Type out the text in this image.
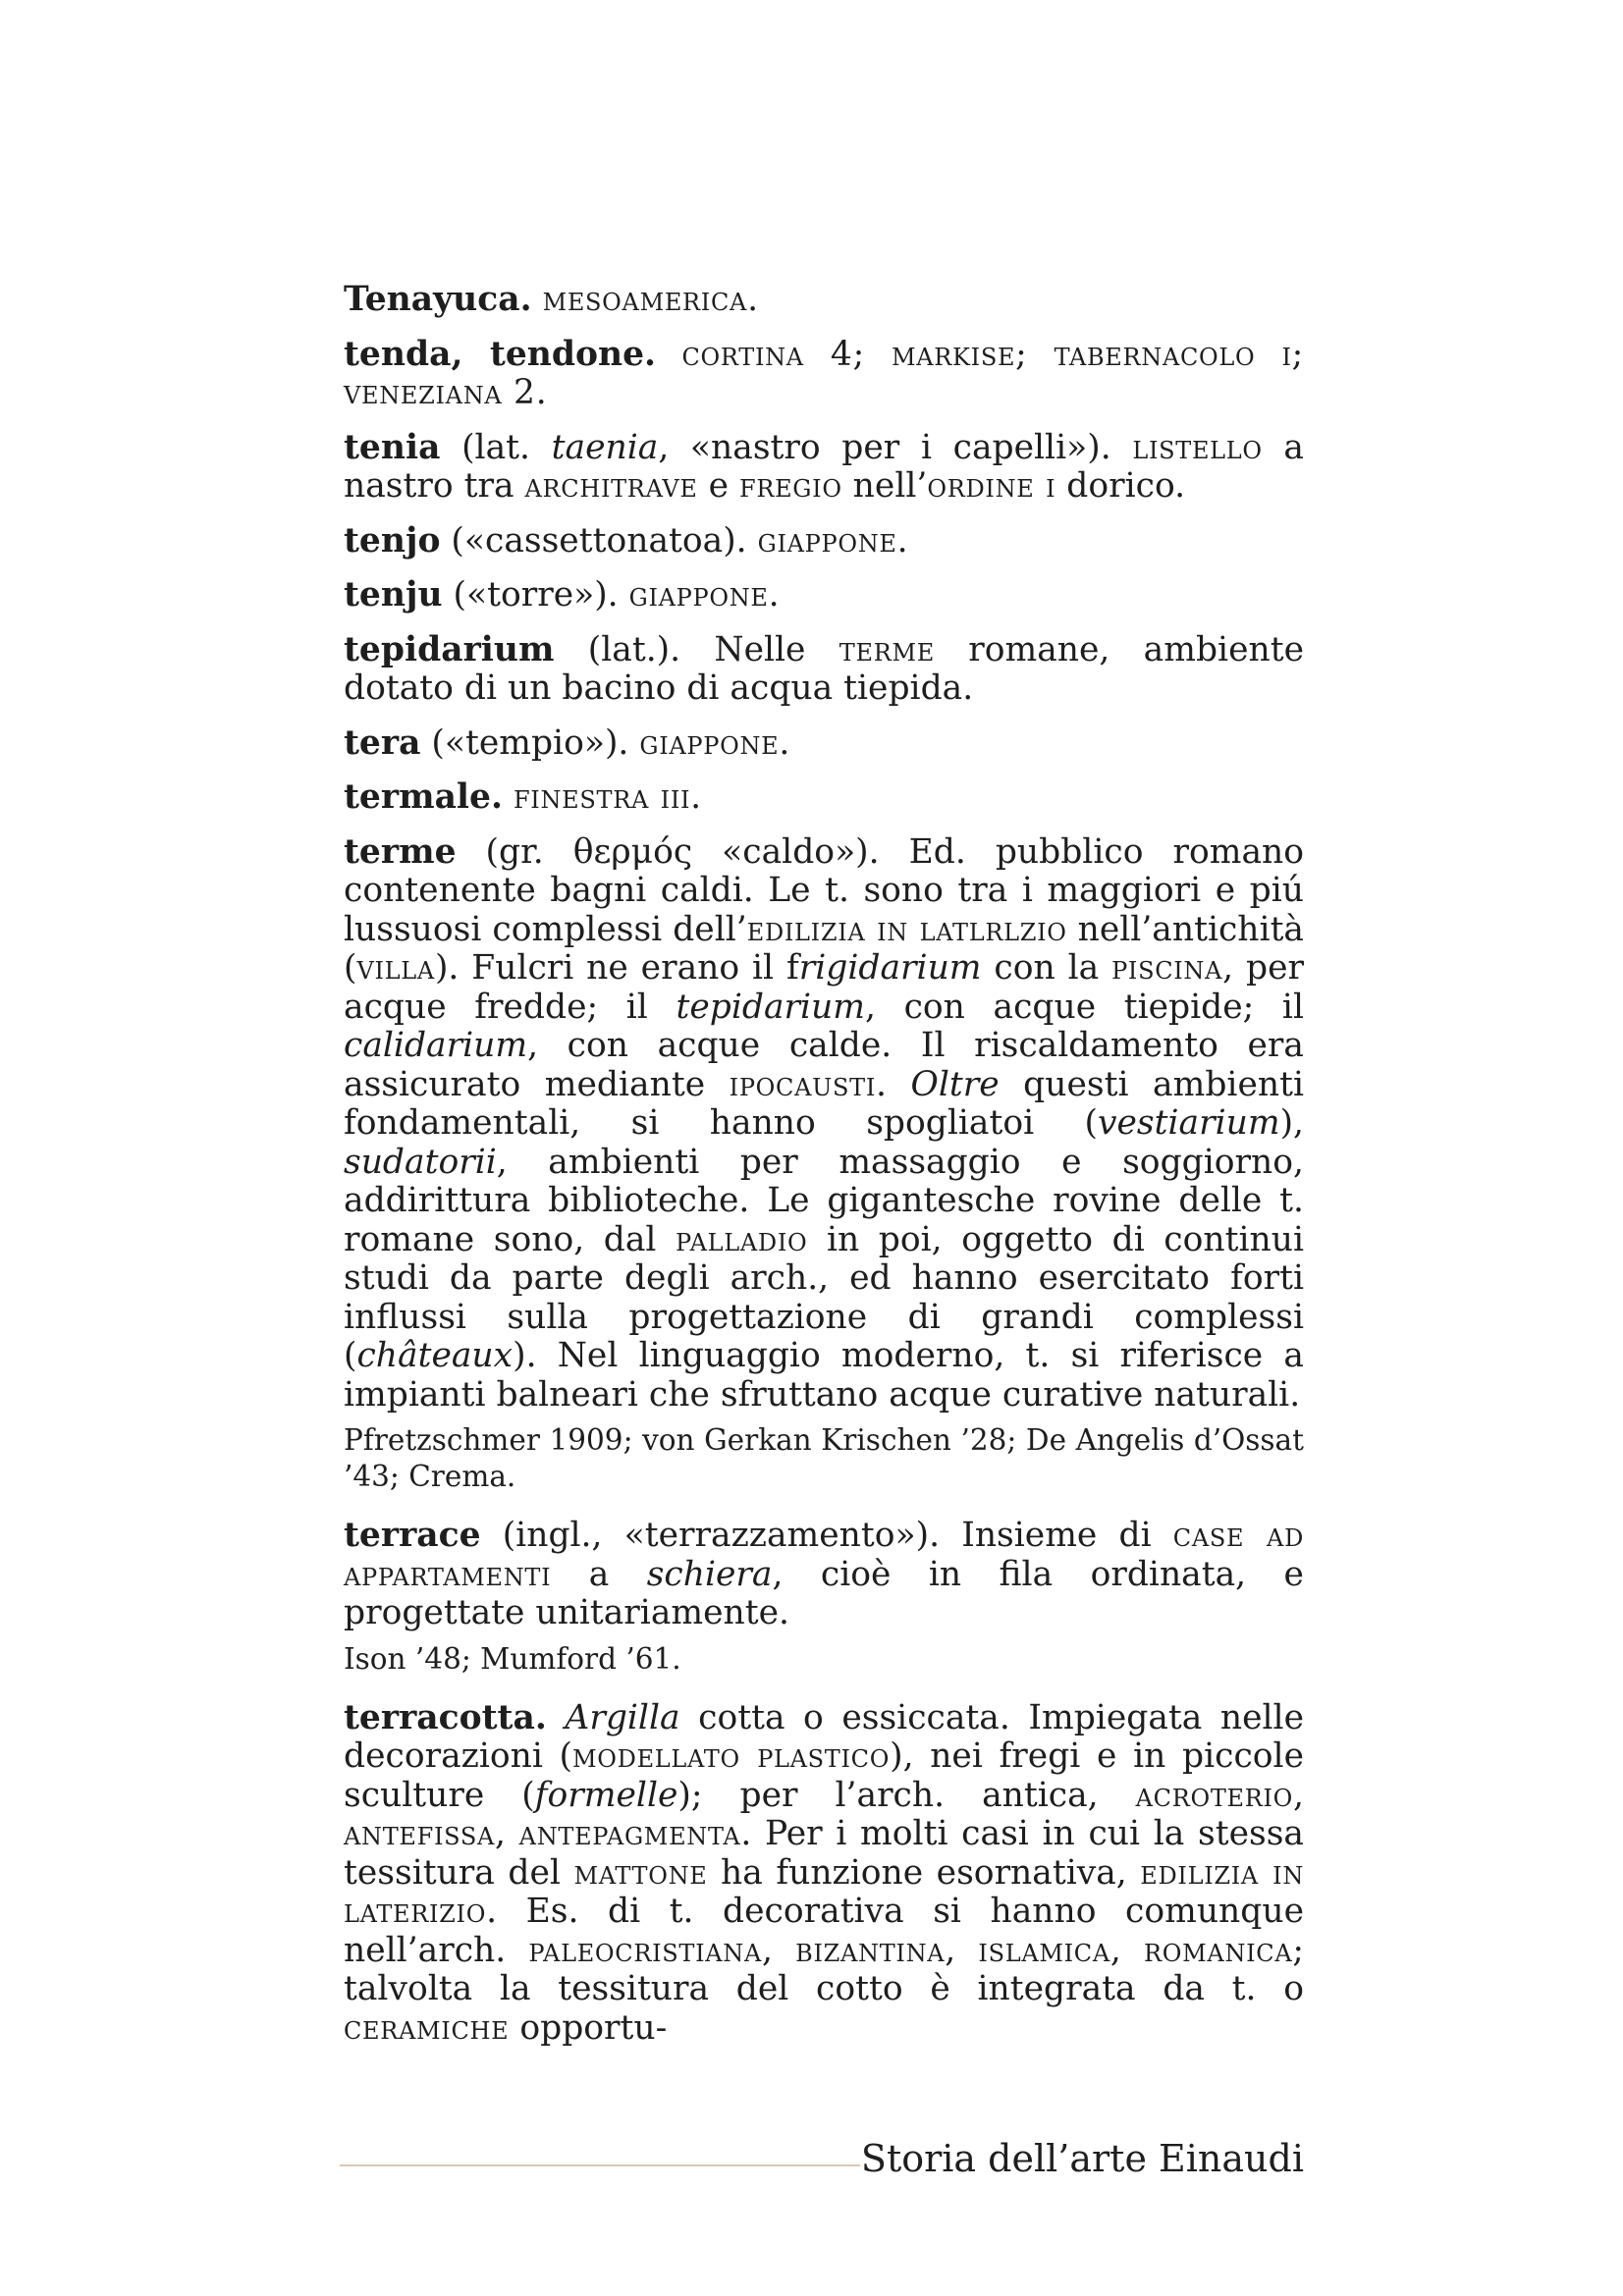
Tenayuca. mesoamerica.

tenda, tendone. cortina 4; markise; tabernacolo i; veneziana 2.

tenia (lat. taenia, «nastro per i capelli»). listello a nastro tra architrave e fregio nell’ordine i dorico.

tenjo («cassettonatoa). giappone.

tenju («torre»). giappone.

tepidarium (lat.). Nelle terme romane, ambiente dotato di un bacino di acqua tiepida.

tera («tempio»). giappone.

termale. finestra iii.

terme (gr. θερμός «caldo»). Ed. pubblico romano contenente bagni caldi. Le t. sono tra i maggiori e piú lussuosi complessi dell’edilizia in latlrlzio nell’antichità (villa). Fulcri ne erano il frigidarium con la piscina, per acque fredde; il tepidarium, con acque tiepide; il calidarium, con acque calde. Il riscaldamento era assicurato mediante ipocausti. Oltre questi ambienti fondamentali, si hanno spogliatoi (vestiarium), sudatorii, ambienti per massaggio e soggiorno, addirittura biblioteche. Le gigantesche rovine delle t. romane sono, dal palladio in poi, oggetto di continui studi da parte degli arch., ed hanno esercitato forti influssi sulla progettazione di grandi complessi (châteaux). Nel linguaggio moderno, t. si riferisce a impianti balneari che sfruttano acque curative naturali.

Pfretzschmer 1909; von Gerkan Krischen ’28; De Angelis d’Ossat ’43; Crema.

terrace (ingl., «terrazzamento»). Insieme di case ad appartamenti a schiera, cioè in fila ordinata, e progettate unitariamente.

Ison ’48; Mumford ’61.

terracotta. Argilla cotta o essiccata. Impiegata nelle decorazioni (modellato plastico), nei fregi e in piccole sculture (formelle); per l’arch. antica, acroterio, antefissa, antepagmenta. Per i molti casi in cui la stessa tessitura del mattone ha funzione esornativa, edilizia in laterizio. Es. di t. decorativa si hanno comunque nell’arch. paleocristiana, bizantina, islamica, romanica; talvolta la tessitura del cotto è integrata da t. o ceramiche opportu-

Storia dell’arte Einaudi
